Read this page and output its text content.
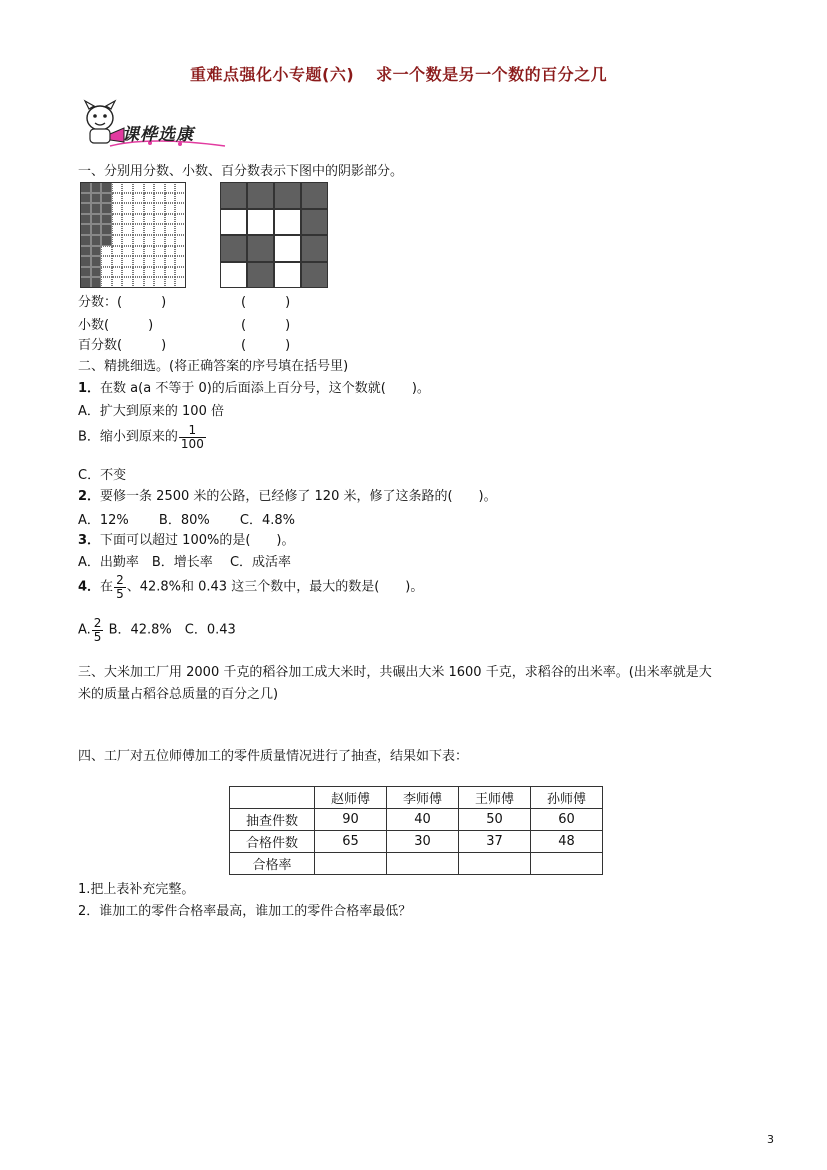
重难点强化小专题(六) 求一个数是另一个数的百分之几
课桦选康
一、分别用分数、小数、百分数表示下图中的阴影部分。
分数：(　　　)	(　　　)
小数(　　　)	(　　　)
百分数(　　　)	(　　　)
二、精挑细选。(将正确答案的序号填在括号里)
1．在数 a(a 不等于 0)的后面添上百分号，这个数就(　　)。
A．扩大到原来的 100 倍
B．缩小到原来的 $\frac{1}{100}$
C．不变
2．要修一条 2500 米的公路，已经修了 120 米，修了这条路的(　　)。
A．12%　　 B．80%　　 C．4.8%
3．下面可以超过 100%的是(　　)。
A．出勤率　B．增长率　 C．成活率
4．在 $\frac{2}{5}$ 、42.8%和 0.43 这三个数中，最大的数是(　　)。
A. $\frac{2}{5}$ B．42.8%　C．0.43
三、大米加工厂用 2000 千克的稻谷加工成大米时，共碾出大米 1600 千克，求稻谷的出米率。(出米率就是大
米的质量占稻谷总质量的百分之几)
四、工厂对五位师傅加工的零件质量情况进行了抽查，结果如下表：
	赵师傅	李师傅	王师傅	孙师傅
抽查件数	90	40	50	60
合格件数	65	30	37	48
合格率				
1.把上表补充完整。
2．谁加工的零件合格率最高，谁加工的零件合格率最低？
3
